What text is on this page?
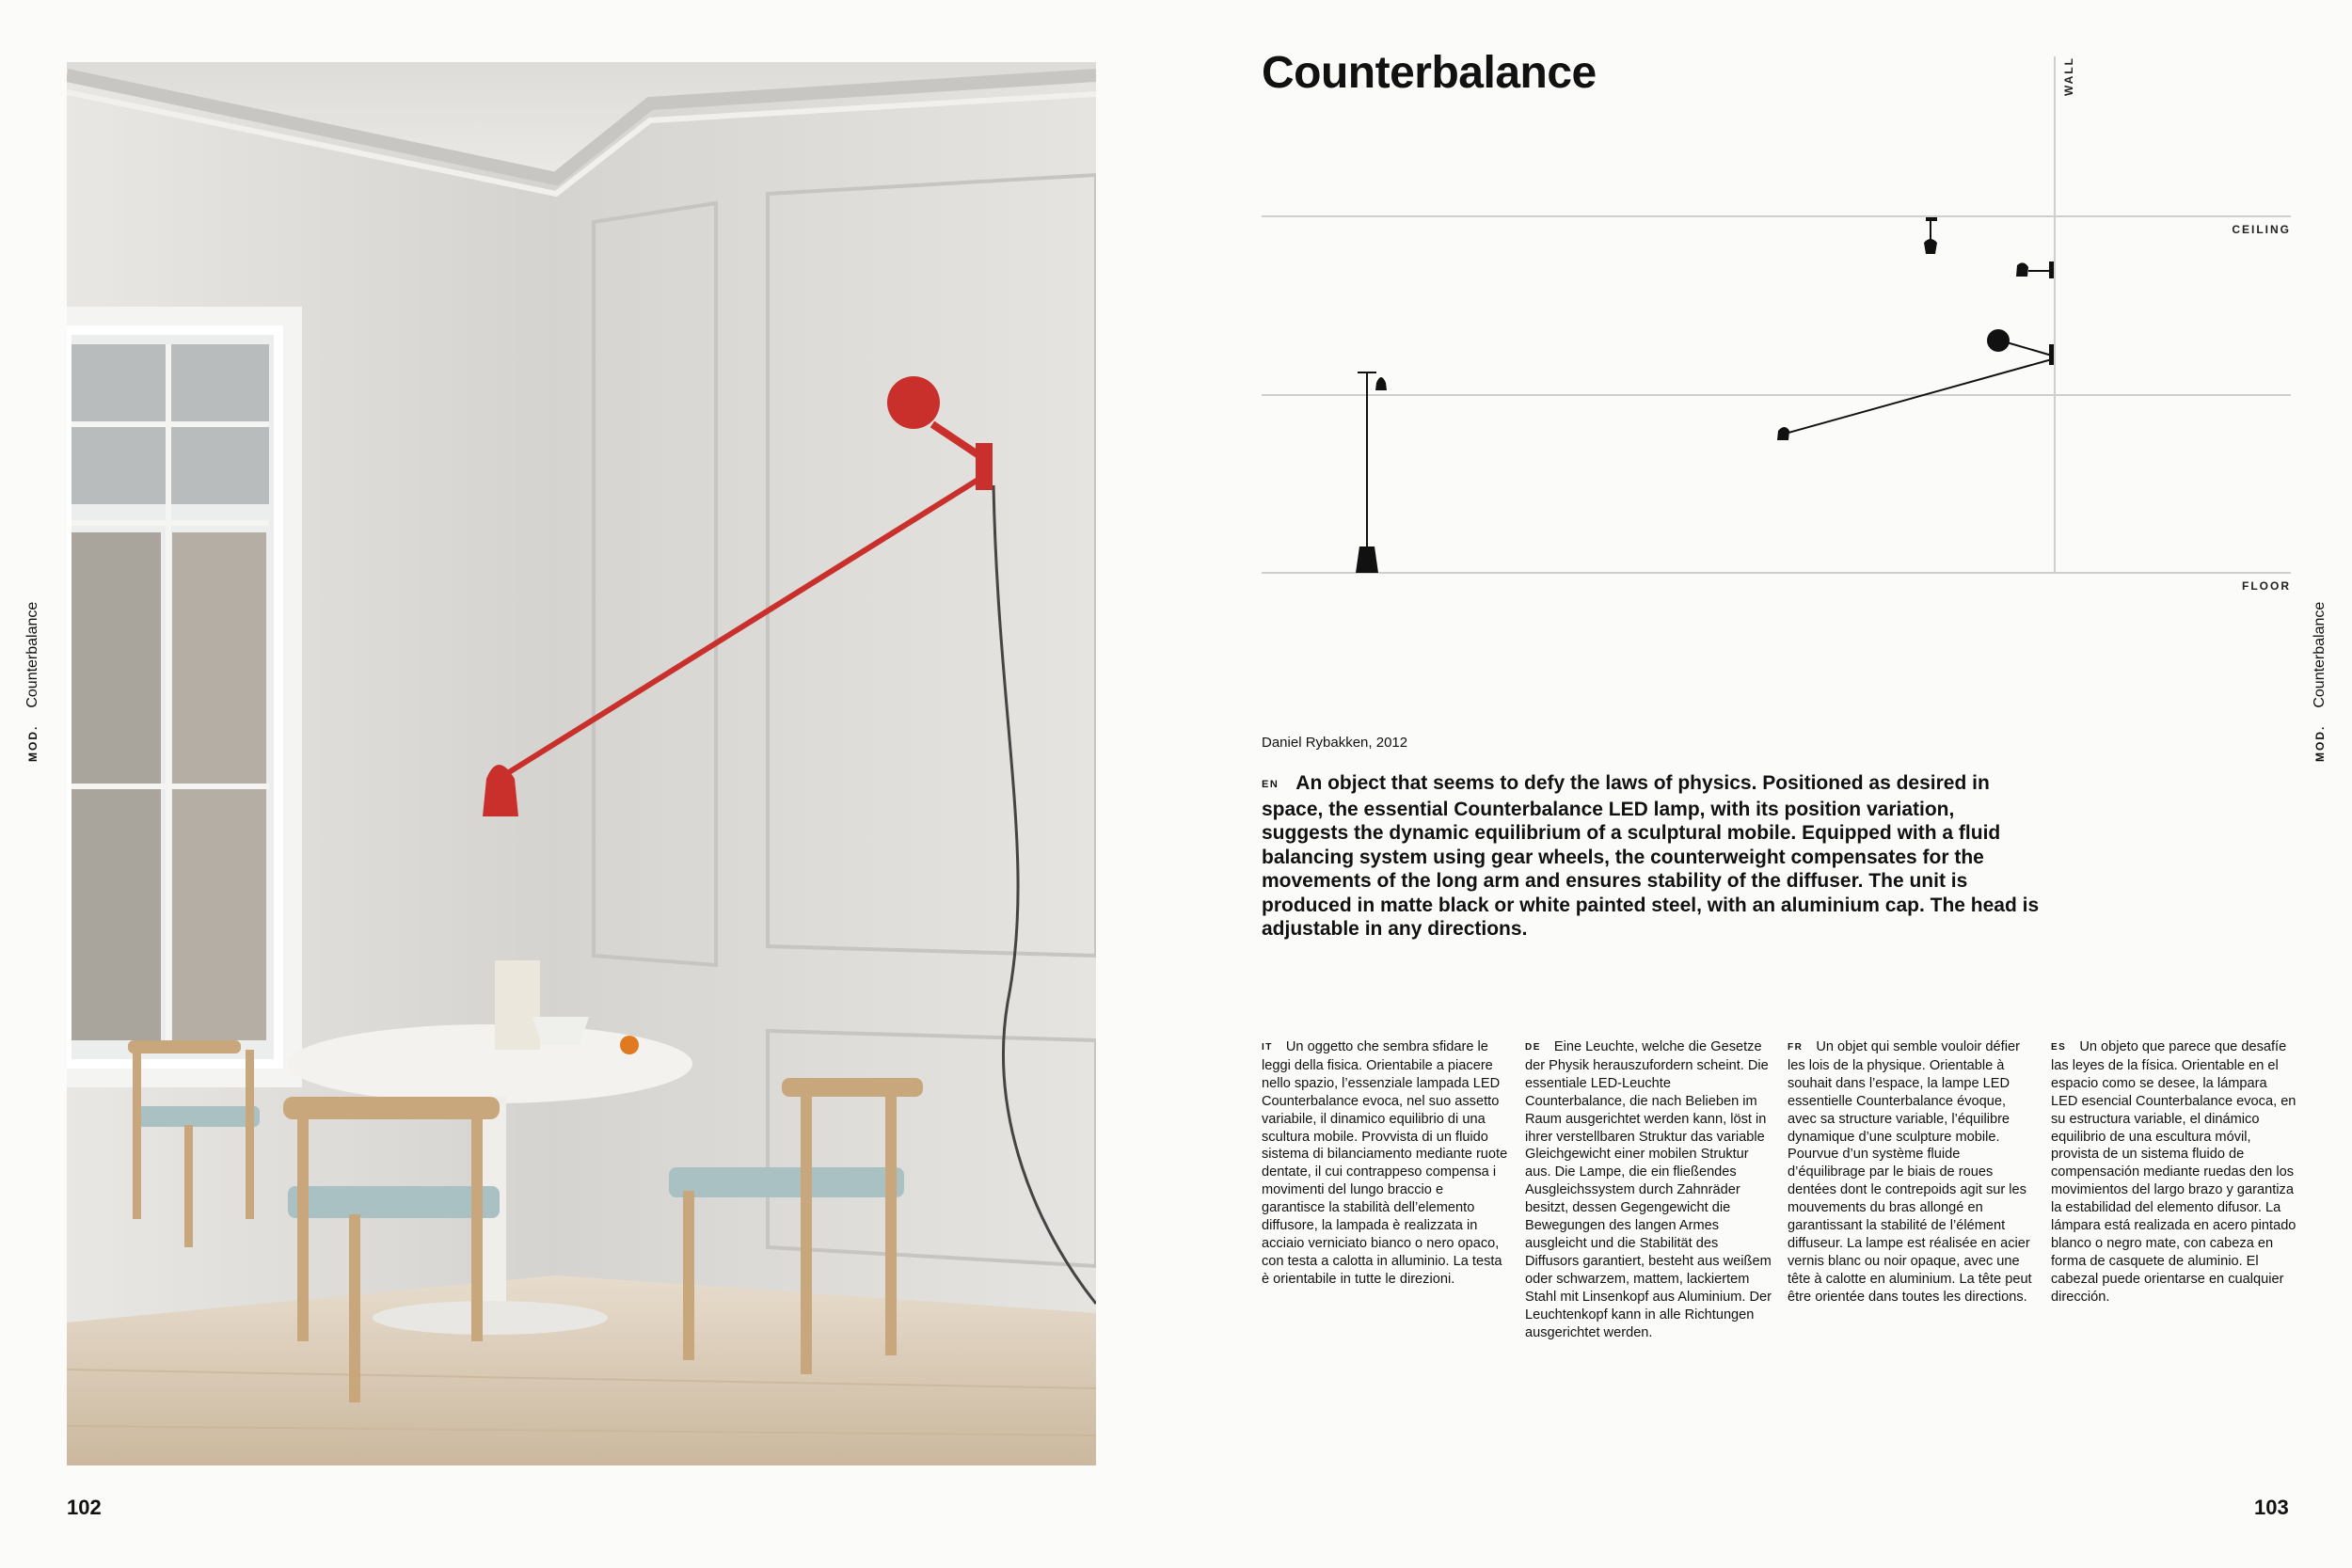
MOD.
Counterbalance
102
Counterbalance	WALL
CEILING
FLOOR
Daniel Rybakken, 2012
EN An object that seems to defy the laws of physics. Positioned as desired in space, the essential Counterbalance LED lamp, with its position variation, suggests the dynamic equilibrium of a sculptural mobile. Equipped with a fluid balancing system using gear wheels, the counterweight compensates for the movements of the long arm and ensures stability of the diffuser. The unit is produced in matte black or white painted steel, with an aluminium cap. The head is adjustable in any directions.
IT Un oggetto che sembra sfidare le leggi della fisica. Orientabile a piacere nello spazio, l’essenziale lampada LED Counterbalance evoca, nel suo assetto variabile, il dinamico equilibrio di una scultura mobile. Provvista di un fluido sistema di bilanciamento mediante ruote dentate, il cui contrappeso compensa i movimenti del lungo braccio e garantisce la stabilità dell’elemento diffusore, la lampada è realizzata in acciaio verniciato bianco o nero opaco, con testa a calotta in alluminio. La testa è orientabile in tutte le direzioni.
DE Eine Leuchte, welche die Gesetze der Physik herauszufordern scheint. Die essentiale LED-Leuchte Counterbalance, die nach Belieben im Raum ausgerichtet werden kann, löst in ihrer verstellbaren Struktur das variable Gleichgewicht einer mobilen Struktur aus. Die Lampe, die ein fließendes Ausgleichssystem durch Zahnräder besitzt, dessen Gegengewicht die Bewegungen des langen Armes ausgleicht und die Stabilität des Diffusors garantiert, besteht aus weißem oder schwarzem, mattem, lackiertem Stahl mit Linsenkopf aus Aluminium. Der Leuchtenkopf kann in alle Richtungen ausgerichtet werden.
FR Un objet qui semble vouloir défier les lois de la physique. Orientable à souhait dans l’espace, la lampe LED essentielle Counterbalance évoque, avec sa structure variable, l’équilibre dynamique d’une sculpture mobile. Pourvue d’un système fluide d’équilibrage par le biais de roues dentées dont le contrepoids agit sur les mouvements du bras allongé en garantissant la stabilité de l’élément diffuseur. La lampe est réalisée en acier vernis blanc ou noir opaque, avec une tête à calotte en aluminium. La tête peut être orientée dans toutes les directions.
ES Un objeto que parece que desafíe las leyes de la física. Orientable en el espacio como se desee, la lámpara LED esencial Counterbalance evoca, en su estructura variable, el dinámico equilibrio de una escultura móvil, provista de un sistema fluido de compensación mediante ruedas den los movimientos del largo brazo y garantiza la estabilidad del elemento difusor. La lámpara está realizada en acero pintado blanco o negro mate, con cabeza en forma de casquete de aluminio. El cabezal puede orientarse en cualquier dirección.
103
MOD.
Counterbalance
